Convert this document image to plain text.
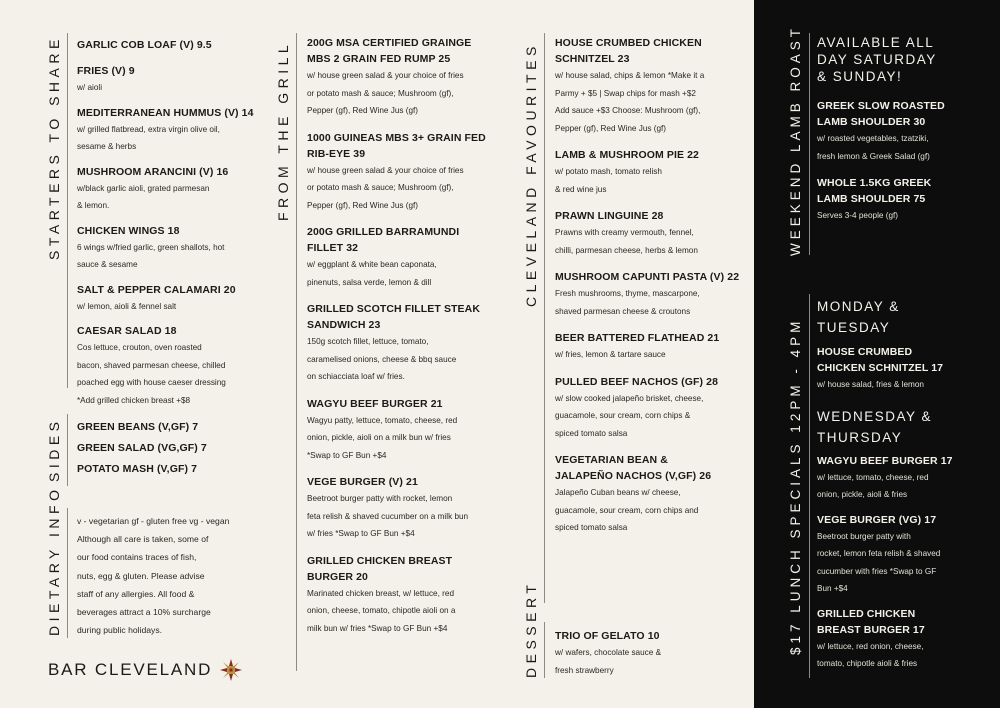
STARTERS TO SHARE GARLIC COB LOAF (V) 9.5
FRIES (V) 9
w/ aioli
MEDITERRANEAN HUMMUS (V) 14
w/ grilled flatbread, extra virgin olive oil,
sesame & herbs
MUSHROOM ARANCINI (V) 16
w/black garlic aioli, grated parmesan
& lemon.
CHICKEN WINGS 18
6 wings w/fried garlic, green shallots, hot
sauce & sesame
SALT & PEPPER CALAMARI 20
w/ lemon, aioli & fennel salt
CAESAR SALAD 18
Cos lettuce, crouton, oven roasted
bacon, shaved parmesan cheese, chilled
poached egg with house caeser dressing
*Add grilled chicken breast +$8
SIDES GREEN BEANS (V,GF) 7
GREEN SALAD (VG,GF) 7
POTATO MASH (V,GF) 7
DIETARY INFO v - vegetarian gf - gluten free vg - vegan
Although all care is taken, some of
our food contains traces of fish,
nuts, egg & gluten. Please advise
staff of any allergies. All food &
beverages attract a 10% surcharge
during public holidays.
BAR CLEVELAND
FROM THE GRILL 200G MSA CERTIFIED GRAINGE MBS 2 GRAIN FED RUMP 25
w/ house green salad & your choice of fries
or potato mash & sauce; Mushroom (gf),
Pepper (gf), Red Wine Jus (gf)
1000 GUINEAS MBS 3+ GRAIN FED RIB-EYE 39
w/ house green salad & your choice of fries
or potato mash & sauce; Mushroom (gf),
Pepper (gf), Red Wine Jus (gf)
200G GRILLED BARRAMUNDI FILLET 32
w/ eggplant & white bean caponata,
pinenuts, salsa verde, lemon & dill
GRILLED SCOTCH FILLET STEAK SANDWICH 23
150g scotch fillet, lettuce, tomato,
caramelised onions, cheese & bbq sauce
on schiacciata loaf w/ fries.
WAGYU BEEF BURGER 21
Wagyu patty, lettuce, tomato, cheese, red
onion, pickle, aioli on a milk bun w/ fries
*Swap to GF Bun +$4
VEGE BURGER (V) 21
Beetroot burger patty with rocket, lemon
feta relish & shaved cucumber on a milk bun
w/ fries *Swap to GF Bun +$4
GRILLED CHICKEN BREAST BURGER 20
Marinated chicken breast, w/ lettuce, red
onion, cheese, tomato, chipotle aioli on a
milk bun w/ fries *Swap to GF Bun +$4
CLEVELAND FAVOURITES HOUSE CRUMBED CHICKEN SCHNITZEL 23
w/ house salad, chips & lemon *Make it a
Parmy + $5 | Swap chips for mash +$2
Add sauce +$3 Choose: Mushroom (gf),
Pepper (gf), Red Wine Jus (gf)
LAMB & MUSHROOM PIE 22
w/ potato mash, tomato relish
& red wine jus
PRAWN LINGUINE 28
Prawns with creamy vermouth, fennel,
chilli, parmesan cheese, herbs & lemon
MUSHROOM CAPUNTI PASTA (V) 22
Fresh mushrooms, thyme, mascarpone,
shaved parmesan cheese & croutons
BEER BATTERED FLATHEAD 21
w/ fries, lemon & tartare sauce
PULLED BEEF NACHOS (GF) 28
w/ slow cooked jalapeño brisket, cheese,
guacamole, sour cream, corn chips &
spiced tomato salsa
VEGETARIAN BEAN & JALAPEÑO NACHOS (V,GF) 26
Jalapeño Cuban beans w/ cheese,
guacamole, sour cream, corn chips and
spiced tomato salsa
DESSERT TRIO OF GELATO 10
w/ wafers, chocolate sauce &
fresh strawberry
WEEKEND LAMB ROAST AVAILABLE ALL DAY SATURDAY & SUNDAY!
GREEK SLOW ROASTED LAMB SHOULDER 30
w/ roasted vegetables, tzatziki,
fresh lemon & Greek Salad (gf)
WHOLE 1.5KG GREEK LAMB SHOULDER 75
Serves 3-4 people (gf)
$17 LUNCH SPECIALS 12PM - 4PM
MONDAY & TUESDAY
HOUSE CRUMBED CHICKEN SCHNITZEL 17
w/ house salad, fries & lemon
WEDNESDAY & THURSDAY
WAGYU BEEF BURGER 17
w/ lettuce, tomato, cheese, red
onion, pickle, aioli & fries
VEGE BURGER (VG) 17
Beetroot burger patty with
rocket, lemon feta relish & shaved
cucumber with fries *Swap to GF
Bun +$4
GRILLED CHICKEN BREAST BURGER 17
w/ lettuce, red onion, cheese,
tomato, chipotle aioli & fries
